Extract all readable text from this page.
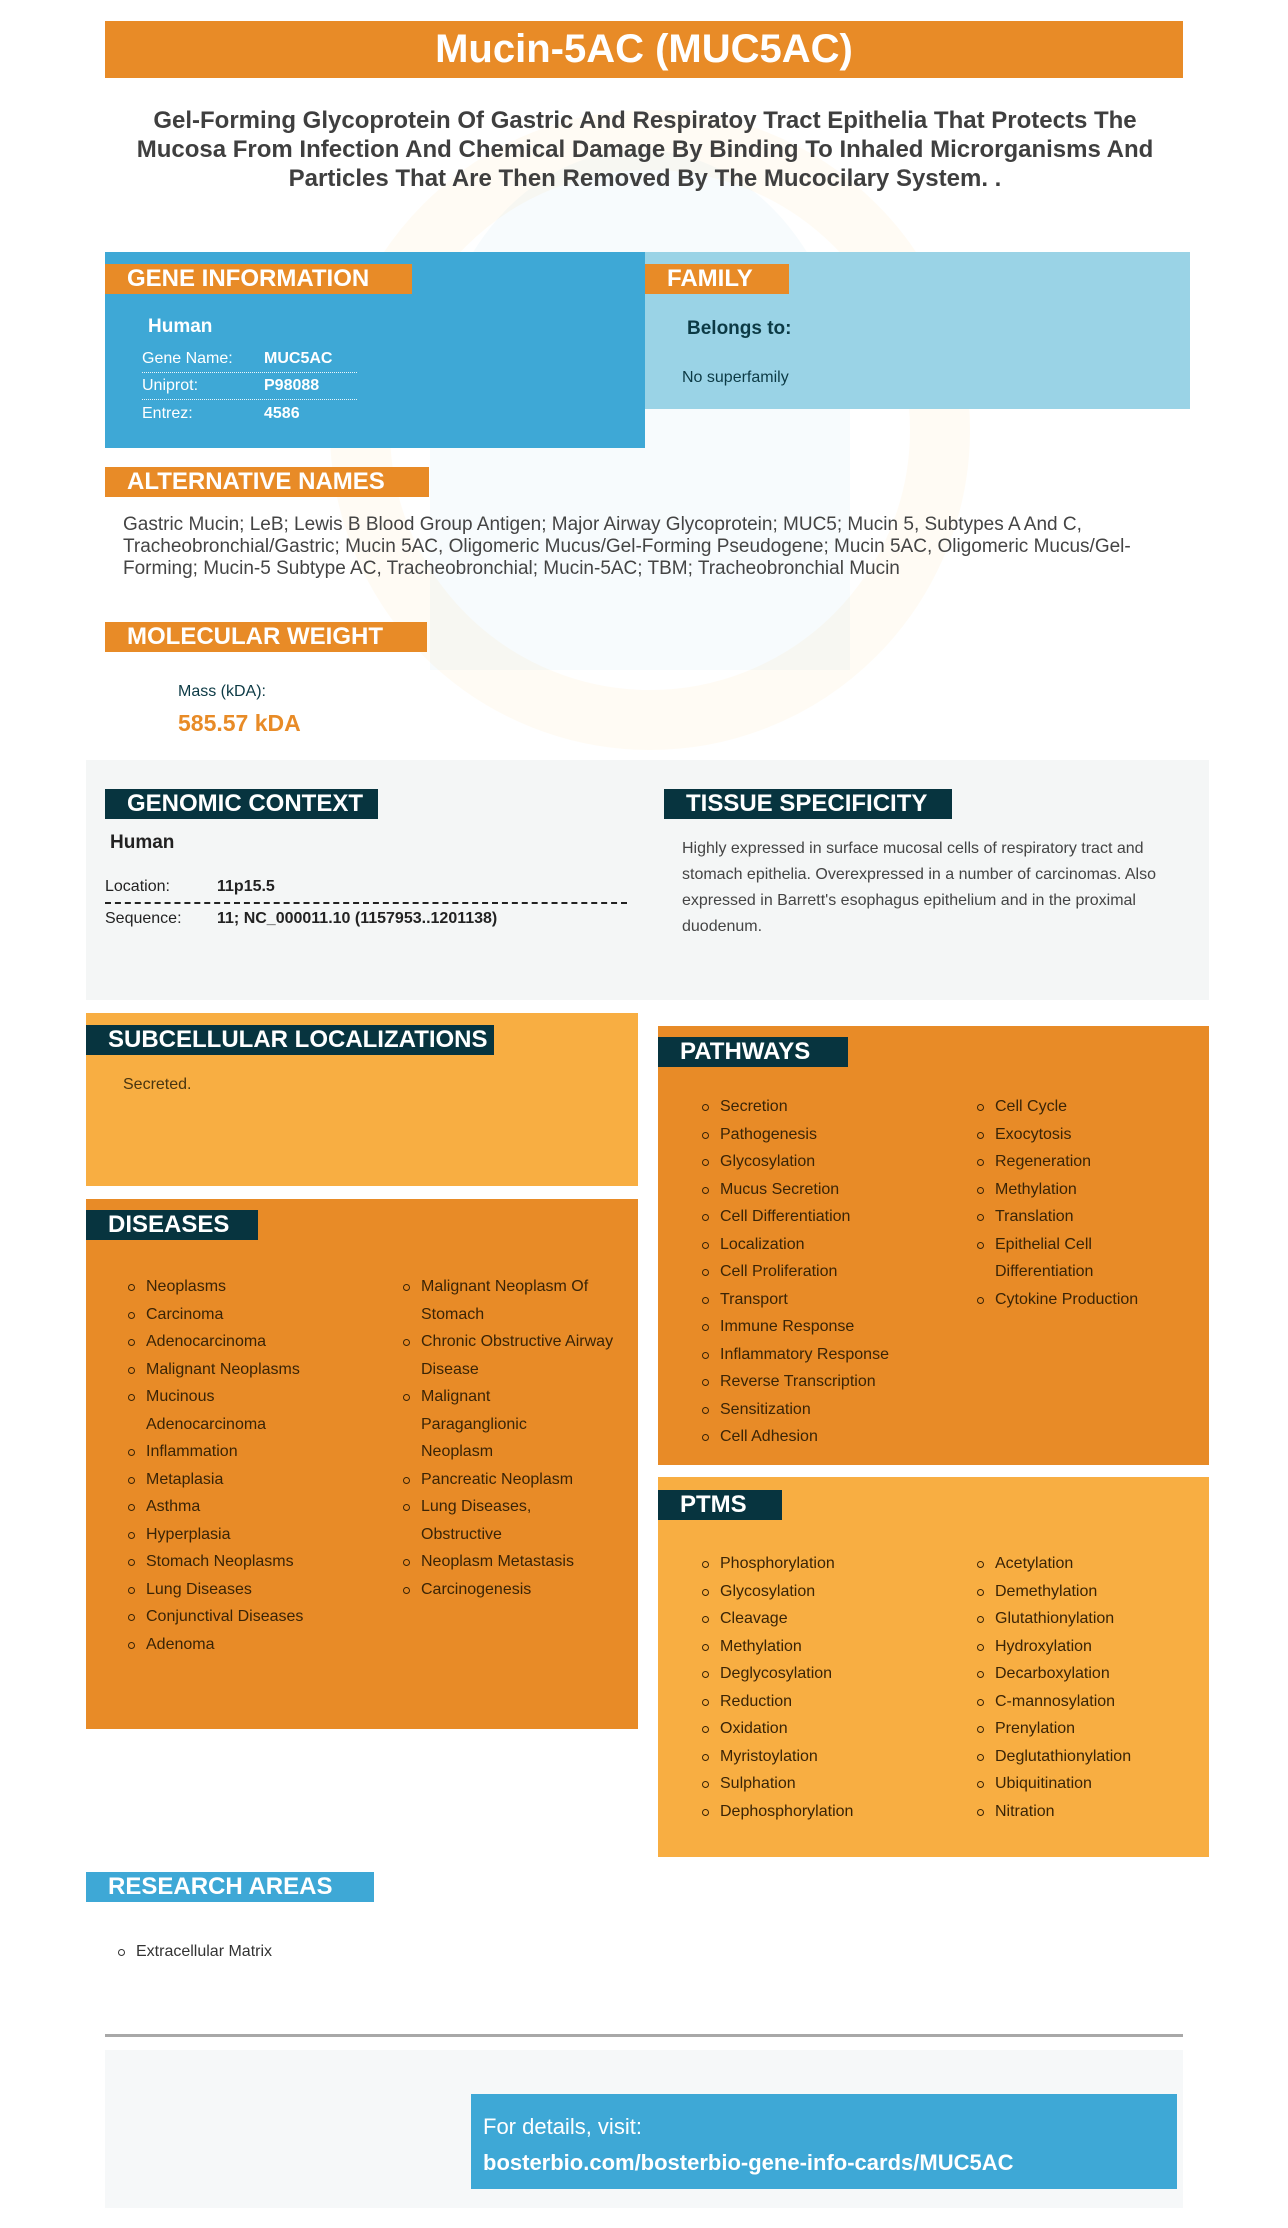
Mucin-5AC (MUC5AC)
Gel-Forming Glycoprotein Of Gastric And Respiratoy Tract Epithelia That Protects The Mucosa From Infection And Chemical Damage By Binding To Inhaled Microrganisms And Particles That Are Then Removed By The Mucocilary System. .
GENE INFORMATION
Human
Gene Name:	MUC5AC
Uniprot:	P98088
Entrez:	4586
FAMILY
Belongs to:
No superfamily
ALTERNATIVE NAMES
Gastric Mucin; LeB; Lewis B Blood Group Antigen; Major Airway Glycoprotein; MUC5; Mucin 5, Subtypes A And C, Tracheobronchial/Gastric; Mucin 5AC, Oligomeric Mucus/Gel-Forming Pseudogene; Mucin 5AC, Oligomeric Mucus/Gel-Forming; Mucin-5 Subtype AC, Tracheobronchial; Mucin-5AC; TBM; Tracheobronchial Mucin
MOLECULAR WEIGHT
Mass (kDA):
585.57 kDA
GENOMIC CONTEXT
Human
Location:	11p15.5
Sequence:	11; NC_000011.10 (1157953..1201138)
TISSUE SPECIFICITY
Highly expressed in surface mucosal cells of respiratory tract and stomach epithelia. Overexpressed in a number of carcinomas. Also expressed in Barrett's esophagus epithelium and in the proximal duodenum.
SUBCELLULAR LOCALIZATIONS
Secreted.
DISEASES
Neoplasms
Carcinoma
Adenocarcinoma
Malignant Neoplasms
Mucinous Adenocarcinoma
Inflammation
Metaplasia
Asthma
Hyperplasia
Stomach Neoplasms
Lung Diseases
Conjunctival Diseases
Adenoma
Malignant Neoplasm Of Stomach
Chronic Obstructive Airway Disease
Malignant Paraganglionic Neoplasm
Pancreatic Neoplasm
Lung Diseases, Obstructive
Neoplasm Metastasis
Carcinogenesis
PATHWAYS
Secretion
Pathogenesis
Glycosylation
Mucus Secretion
Cell Differentiation
Localization
Cell Proliferation
Transport
Immune Response
Inflammatory Response
Reverse Transcription
Sensitization
Cell Adhesion
Cell Cycle
Exocytosis
Regeneration
Methylation
Translation
Epithelial Cell Differentiation
Cytokine Production
PTMS
Phosphorylation
Glycosylation
Cleavage
Methylation
Deglycosylation
Reduction
Oxidation
Myristoylation
Sulphation
Dephosphorylation
Acetylation
Demethylation
Glutathionylation
Hydroxylation
Decarboxylation
C-mannosylation
Prenylation
Deglutathionylation
Ubiquitination
Nitration
RESEARCH AREAS
Extracellular Matrix
For details, visit:
bosterbio.com/bosterbio-gene-info-cards/MUC5AC
